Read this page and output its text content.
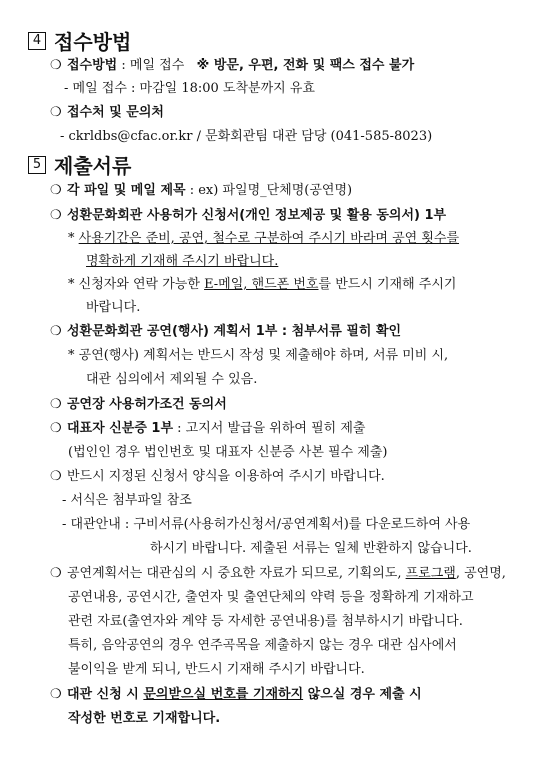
4 접수방법
❍ 접수방법 : 메일 접수 ※ 방문, 우편, 전화 및 팩스 접수 불가
- 메일 접수 : 마감일 18:00 도착분까지 유효
❍ 접수처 및 문의처
- ckrldbs@cfac.or.kr / 문화회관팀 대관 담당 (041-585-8023)
5 제출서류
❍ 각 파일 및 메일 제목 : ex) 파일명_단체명(공연명)
❍ 성환문화회관 사용허가 신청서(개인 정보제공 및 활용 동의서) 1부
* 사용기간은 준비, 공연, 철수로 구분하여 주시기 바라며 공연 횟수를
명확하게 기재해 주시기 바랍니다.
* 신청자와 연락 가능한 E-메일, 핸드폰 번호를 반드시 기재해 주시기
바랍니다.
❍ 성환문화회관 공연(행사) 계획서 1부 : 첨부서류 필히 확인
* 공연(행사) 계획서는 반드시 작성 및 제출해야 하며, 서류 미비 시,
대관 심의에서 제외될 수 있음.
❍ 공연장 사용허가조건 동의서
❍ 대표자 신분증 1부 : 고지서 발급을 위하여 필히 제출
(법인인 경우 법인번호 및 대표자 신분증 사본 필수 제출)
❍ 반드시 지정된 신청서 양식을 이용하여 주시기 바랍니다.
- 서식은 첨부파일 참조
- 대관안내 : 구비서류(사용허가신청서/공연계획서)를 다운로드하여 사용
하시기 바랍니다. 제출된 서류는 일체 반환하지 않습니다.
❍ 공연계획서는 대관심의 시 중요한 자료가 되므로, 기획의도, 프로그램, 공연명,
공연내용, 공연시간, 출연자 및 출연단체의 약력 등을 정확하게 기재하고
관련 자료(출연자와 계약 등 자세한 공연내용)를 첨부하시기 바랍니다.
특히, 음악공연의 경우 연주곡목을 제출하지 않는 경우 대관 심사에서
불이익을 받게 되니, 반드시 기재해 주시기 바랍니다.
❍ 대관 신청 시 문의받으실 번호를 기재하지 않으실 경우 제출 시
작성한 번호로 기재합니다.
